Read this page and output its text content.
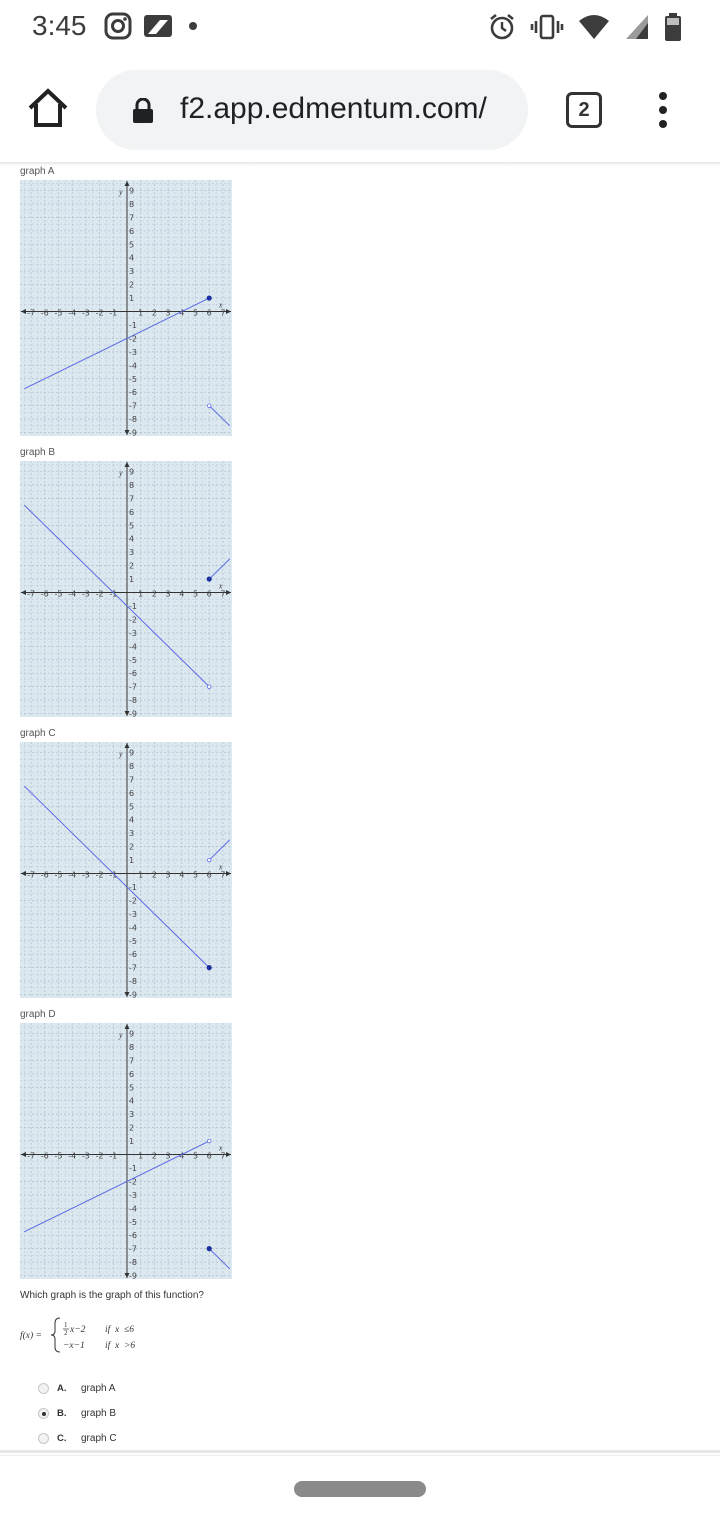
3:45
f2.app.edmentum.com/	2
graph A
x
y
-7 -6 -5 -4 -3 -2 -1	1 2 3 4 5 6 7
9
8
7
6
5
4
3
2
1
-1
-2
-3
-4
-5
-6
-7
-8
-9
graph B
x
y
-7 -6 -5 -4 -3 -2 -1	1 2 3 4 5 6 7
9
8
7
6
5
4
3
2
1
-1
-2
-3
-4
-5
-6
-7
-8
-9
graph C
x
y
-7 -6 -5 -4 -3 -2 -1	1 2 3 4 5 6 7
9
8
7
6
5
4
3
2
1
-1
-2
-3
-4
-5
-6
-7
-8
-9
graph D
x
y
-7 -6 -5 -4 -3 -2 -1	1 2 3 4 5 6 7
9
8
7
6
5
4
3
2
1
-1
-2
-3
-4
-5
-6
-7
-8
-9
Which graph is the graph of this function?
f(x) =
1
2 x−2 if  x  ≤6
−x−1 if  x  >6
A.	graph A
B.	graph B
C.	graph C
